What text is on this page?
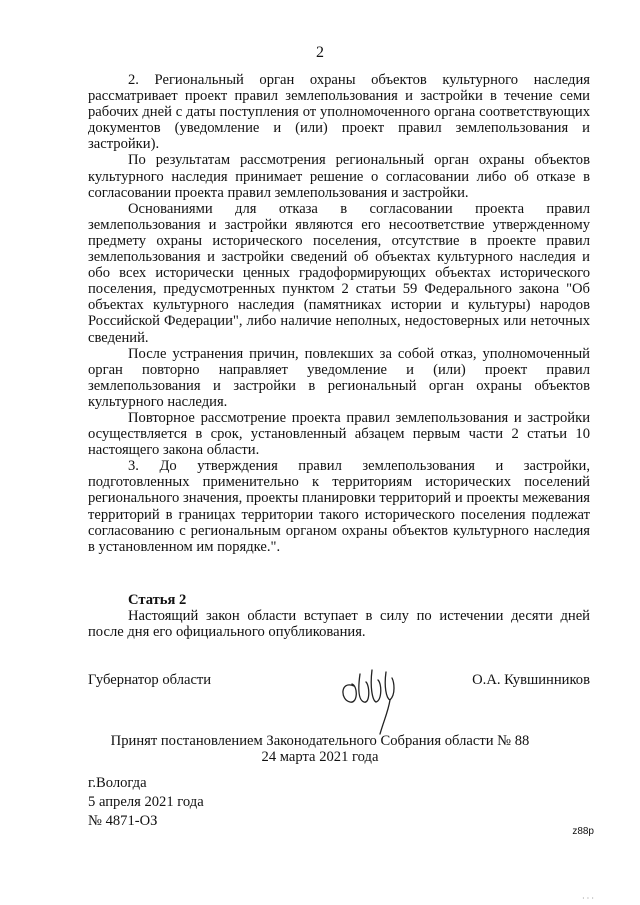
2

2. Региональный орган охраны объектов культурного наследия рассматривает проект правил землепользования и застройки в течение семи рабочих дней с даты поступления от уполномоченного органа соответствующих документов (уведомление и (или) проект правил землепользования и застройки).

По результатам рассмотрения региональный орган охраны объектов культурного наследия принимает решение о согласовании либо об отказе в согласовании проекта правил землепользования и застройки.

Основаниями для отказа в согласовании проекта правил землепользования и застройки являются его несоответствие утвержденному предмету охраны исторического поселения, отсутствие в проекте правил землепользования и застройки сведений об объектах культурного наследия и обо всех исторически ценных градоформирующих объектах исторического поселения, предусмотренных пунктом 2 статьи 59 Федерального закона "Об объектах культурного наследия (памятниках истории и культуры) народов Российской Федерации", либо наличие неполных, недостоверных или неточных сведений.

После устранения причин, повлекших за собой отказ, уполномоченный орган повторно направляет уведомление и (или) проект правил землепользования и застройки в региональный орган охраны объектов культурного наследия.

Повторное рассмотрение проекта правил землепользования и застройки осуществляется в срок, установленный абзацем первым части 2 статьи 10 настоящего закона области.

3. До утверждения правил землепользования и застройки, подготовленных применительно к территориям исторических поселений регионального значения, проекты планировки территорий и проекты межевания территорий в границах территории такого исторического поселения подлежат согласованию с региональным органом охраны объектов культурного наследия в установленном им порядке.".

Статья 2
Настоящий закон области вступает в силу по истечении десяти дней после дня его официального опубликования.
Губернатор области	О.А. Кувшинников
Принят постановлением Законодательного Собрания области № 88
24 марта 2021 года
г.Вологда
5 апреля 2021 года
№ 4871-ОЗ
z88p
· · ·
